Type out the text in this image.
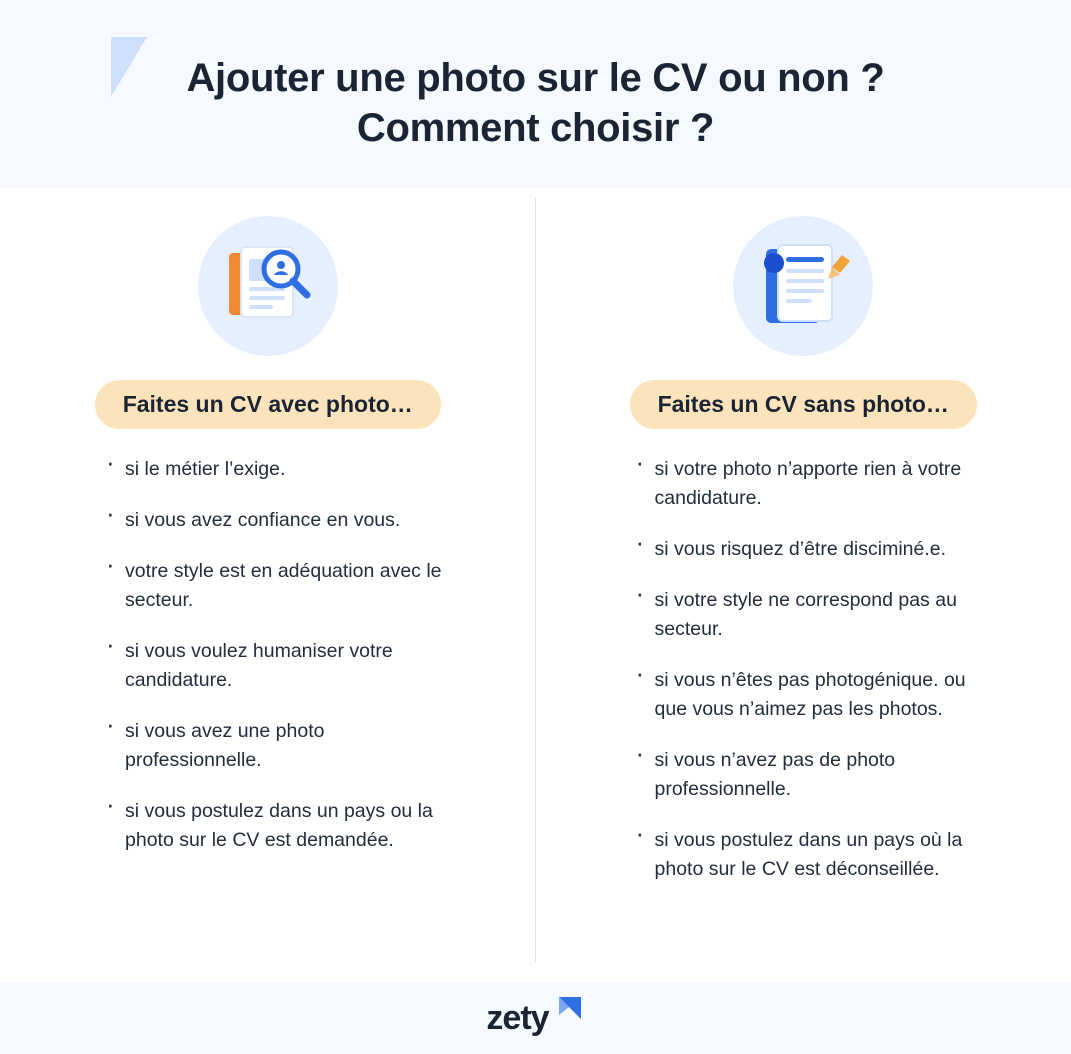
Ajouter une photo sur le CV ou non ?
Comment choisir ?
Faites un CV avec photo…
· si le métier l’exige.
· si vous avez confiance en vous.
· votre style est en adéquation avec le secteur.
· si vous voulez humaniser votre candidature.
· si vous avez une photo professionnelle.
· si vous postulez dans un pays ou la photo sur le CV est demandée.
Faites un CV sans photo…
· si votre photo n’apporte rien à votre candidature.
· si vous risquez d’être disciminé.e.
· si votre style ne correspond pas au secteur.
· si vous n’êtes pas photogénique. ou que vous n’aimez pas les photos.
· si vous n’avez pas de photo professionnelle.
· si vous postulez dans un pays où la photo sur le CV est déconseillée.
zety
